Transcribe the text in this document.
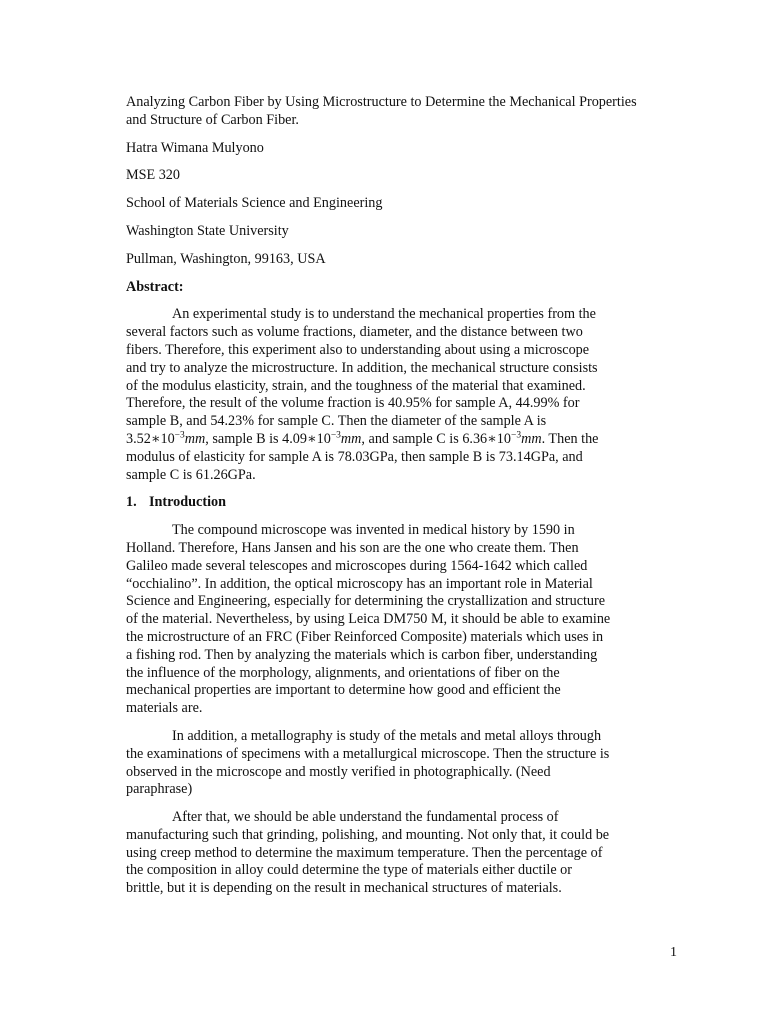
Analyzing Carbon Fiber by Using Microstructure to Determine the Mechanical Properties
and Structure of Carbon Fiber.
Hatra Wimana Mulyono
MSE 320
School of Materials Science and Engineering
Washington State University
Pullman, Washington, 99163, USA
Abstract:
An experimental study is to understand the mechanical properties from the
several factors such as volume fractions, diameter, and the distance between two
fibers. Therefore, this experiment also to understanding about using a microscope
and try to analyze the microstructure. In addition, the mechanical structure consists
of the modulus elasticity, strain, and the toughness of the material that examined.
Therefore, the result of the volume fraction is 40.95% for sample A, 44.99% for
sample B, and 54.23% for sample C. Then the diameter of the sample A is
$3.52∗10^{-3}mm$, sample B is $4.09∗10^{-3}mm$, and sample C is $6.36∗10^{-3}mm$. Then the
modulus of elasticity for sample A is 78.03GPa, then sample B is 73.14GPa, and
sample C is 61.26GPa.
1. Introduction
The compound microscope was invented in medical history by 1590 in
Holland. Therefore, Hans Jansen and his son are the one who create them. Then
Galileo made several telescopes and microscopes during 1564-1642 which called
“occhialino”. In addition, the optical microscopy has an important role in Material
Science and Engineering, especially for determining the crystallization and structure
of the material. Nevertheless, by using Leica DM750 M, it should be able to examine
the microstructure of an FRC (Fiber Reinforced Composite) materials which uses in
a fishing rod. Then by analyzing the materials which is carbon fiber, understanding
the influence of the morphology, alignments, and orientations of fiber on the
mechanical properties are important to determine how good and efficient the
materials are.
In addition, a metallography is study of the metals and metal alloys through
the examinations of specimens with a metallurgical microscope. Then the structure is
observed in the microscope and mostly verified in photographically. (Need
paraphrase)
After that, we should be able understand the fundamental process of
manufacturing such that grinding, polishing, and mounting. Not only that, it could be
using creep method to determine the maximum temperature. Then the percentage of
the composition in alloy could determine the type of materials either ductile or
brittle, but it is depending on the result in mechanical structures of materials.
1
